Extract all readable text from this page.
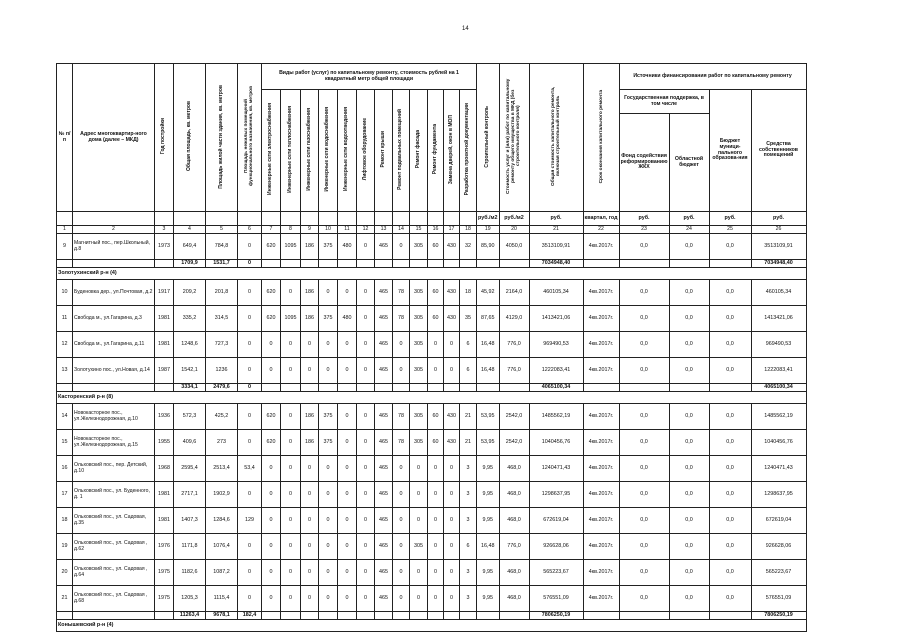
14
№ п/п	Адрес многоквартир-ного дома (далее – МКД)	Год постройки	Общая площадь, кв. метров	Площадь жилой части здания, кв. метров	Площадь нежилых помещений функционального назначения, кв. метров	Виды работ (услуг) по капитальному ремонту, стоимость рублей на 1 квадратный метр общей площади												Строительный контроль	Стоимость услуг и (или) работ по капитальному ремонту общего имущества в МКД (без строительного контроля)	Общая стоимость капитального ремонта, включая строительный контроль	Срок окончания капитального ремонта	Источники финансирования работ по капитальному ремонту			
						Инженерные сети электроснабжения	Инженерные сети теплоснабжения	Инженерные сети газоснабжения	Инженерные сети водоснабжения	Инженерные сети водоотведения	Лифтовое оборудование	Ремонт крыши	Ремонт подвальных помещений	Ремонт фасада	Ремонт фундамента	Замена дверей, окон в МОП	Разработка проектной документации					Государственная поддержка, в том числе		Бюджет муници-пального образова-ния	Средства собственников помещений
																						Фонд содействия реформированию ЖКХ	Областной бюджет		
																		руб./м2	руб./м2	руб.	квартал, год	руб.	руб.	руб.	руб.
1	2	3	4	5	6	7	8	9	10	11	12	13	14	15	16	17	18	19	20	21	22	23	24	25	26
9	Магнитный пос., пер.Школьный, д.8	1973	649,4	784,8	0	620	1095	186	375	480	0	465	0	305	60	430	32	85,90	4050,0	3513109,91	4кв.2017г.	0,0	0,0	0,0	3513109,91
			1709,9	1531,7	0															7034948,40					7034948,40
Золотухинский р-н (4)																									
10	Буденовка дер., ул.Почтовая, д.2	1917	209,2	201,8	0	620	0	186	0	0	0	465	78	305	60	430	18	45,92	2164,0	460105,34	4кв.2017г.	0,0	0,0	0,0	460105,34
11	Свобода м., ул.Гагарина, д.3	1981	335,2	314,5	0	620	1095	186	375	480	0	465	78	305	60	430	35	87,65	4129,0	1413421,06	4кв.2017г.	0,0	0,0	0,0	1413421,06
12	Свобода м., ул.Гагарина, д.11	1981	1248,6	727,3	0	0	0	0	0	0	0	465	0	305	0	0	6	16,48	776,0	969490,53	4кв.2017г.	0,0	0,0	0,0	969490,53
13	Золотухино пос., ул.Новая, д.14	1987	1542,1	1236	0	0	0	0	0	0	0	465	0	305	0	0	6	16,48	776,0	1222083,41	4кв.2017г.	0,0	0,0	0,0	1222083,41
			3334,1	2479,6	0															4065100,34					4065100,34
Касторенский р-н (8)																									
14	Новокасторное пос., ул.Железнодорожная, д.10	1936	572,3	425,2	0	620	0	186	375	0	0	465	78	305	60	430	21	53,95	2542,0	1485562,19	4кв.2017г.	0,0	0,0	0,0	1485562,19
15	Новокасторное пос., ул.Железнодорожная, д.15	1955	409,6	273	0	620	0	186	375	0	0	465	78	305	60	430	21	53,95	2542,0	1040456,76	4кв.2017г.	0,0	0,0	0,0	1040456,76
16	Ольховский пос., пер. Детский, д.10	1968	2595,4	2513,4	53,4	0	0	0	0	0	0	465	0	0	0	0	3	9,95	468,0	1240471,43	4кв.2017г.	0,0	0,0	0,0	1240471,43
17	Ольховский пос., ул. Буденного, д. 1	1981	2717,1	1902,9	0	0	0	0	0	0	0	465	0	0	0	0	3	9,95	468,0	1298637,95	4кв.2017г.	0,0	0,0	0,0	1298637,95
18	Ольховский пос., ул. Садовая, д.35	1981	1407,3	1284,6	129	0	0	0	0	0	0	465	0	0	0	0	3	9,95	468,0	672619,04	4кв.2017г.	0,0	0,0	0,0	672619,04
19	Ольховский пос., ул. Садовая , д.62	1976	1171,8	1076,4	0	0	0	0	0	0	0	465	0	305	0	0	6	16,48	776,0	926628,06	4кв.2017г.	0,0	0,0	0,0	926628,06
20	Ольховский пос., ул. Садовая , д.64	1975	1182,6	1087,2	0	0	0	0	0	0	0	465	0	0	0	0	3	9,95	468,0	565223,67	4кв.2017г.	0,0	0,0	0,0	565223,67
21	Ольховский пос., ул. Садовая , д.68	1975	1205,3	1115,4	0	0	0	0	0	0	0	465	0	0	0	0	3	9,95	468,0	576551,09	4кв.2017г.	0,0	0,0	0,0	576551,09
			11263,4	9678,1	182,4															7806250,19					7806250,19
Конышевский р-н (4)																									
